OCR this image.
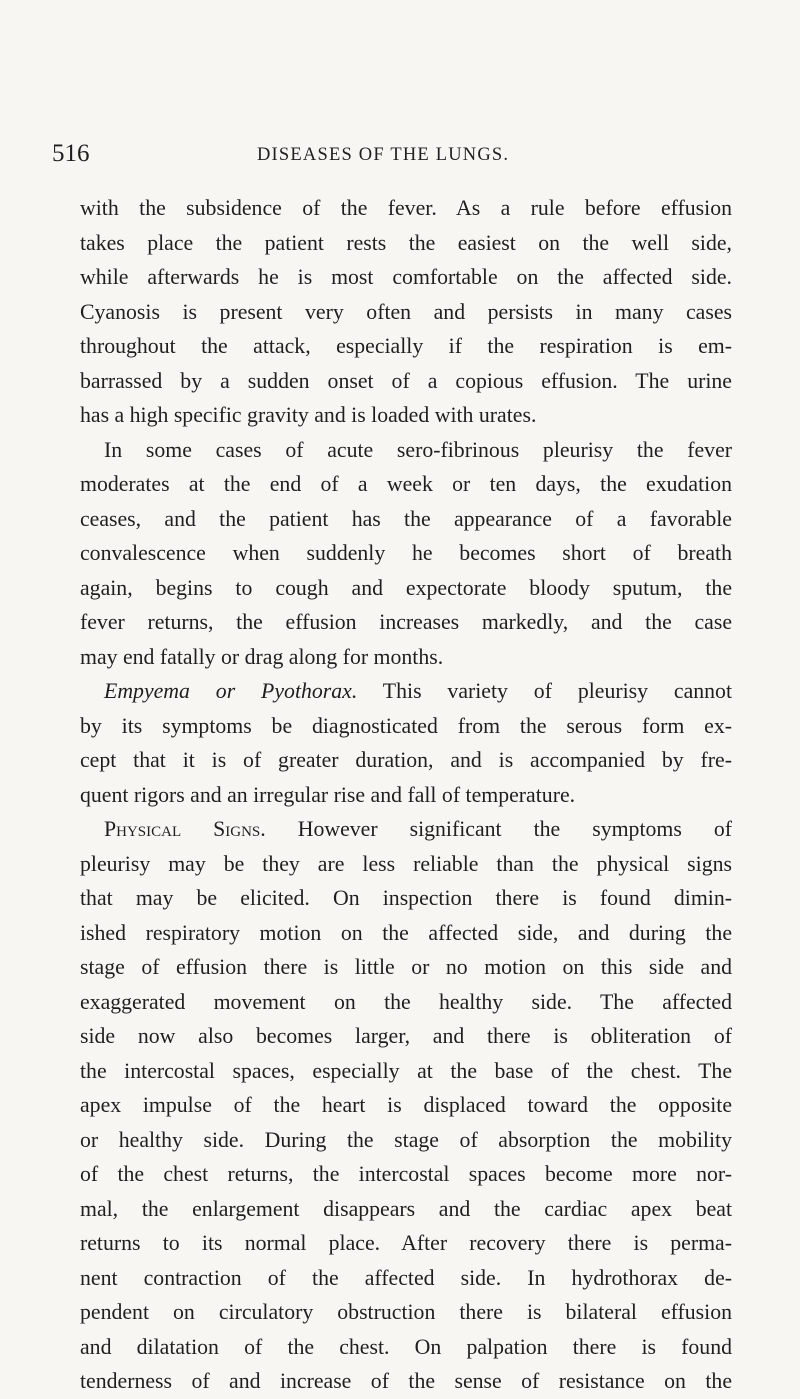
516	DISEASES OF THE LUNGS.
with the subsidence of the fever. As a rule before effusion
takes place the patient rests the easiest on the well side,
while afterwards he is most comfortable on the affected side.
Cyanosis is present very often and persists in many cases
throughout the attack, especially if the respiration is em-
barrassed by a sudden onset of a copious effusion. The urine
has a high specific gravity and is loaded with urates.
In some cases of acute sero-fibrinous pleurisy the fever
moderates at the end of a week or ten days, the exudation
ceases, and the patient has the appearance of a favorable
convalescence when suddenly he becomes short of breath
again, begins to cough and expectorate bloody sputum, the
fever returns, the effusion increases markedly, and the case
may end fatally or drag along for months.
Empyema or Pyothorax. This variety of pleurisy cannot
by its symptoms be diagnosticated from the serous form ex-
cept that it is of greater duration, and is accompanied by fre-
quent rigors and an irregular rise and fall of temperature.
Physical Signs. However significant the symptoms of
pleurisy may be they are less reliable than the physical signs
that may be elicited. On inspection there is found dimin-
ished respiratory motion on the affected side, and during the
stage of effusion there is little or no motion on this side and
exaggerated movement on the healthy side. The affected
side now also becomes larger, and there is obliteration of
the intercostal spaces, especially at the base of the chest. The
apex impulse of the heart is displaced toward the opposite
or healthy side. During the stage of absorption the mobility
of the chest returns, the intercostal spaces become more nor-
mal, the enlargement disappears and the cardiac apex beat
returns to its normal place. After recovery there is perma-
nent contraction of the affected side. In hydrothorax de-
pendent on circulatory obstruction there is bilateral effusion
and dilatation of the chest. On palpation there is found
tenderness of and increase of the sense of resistance on the
